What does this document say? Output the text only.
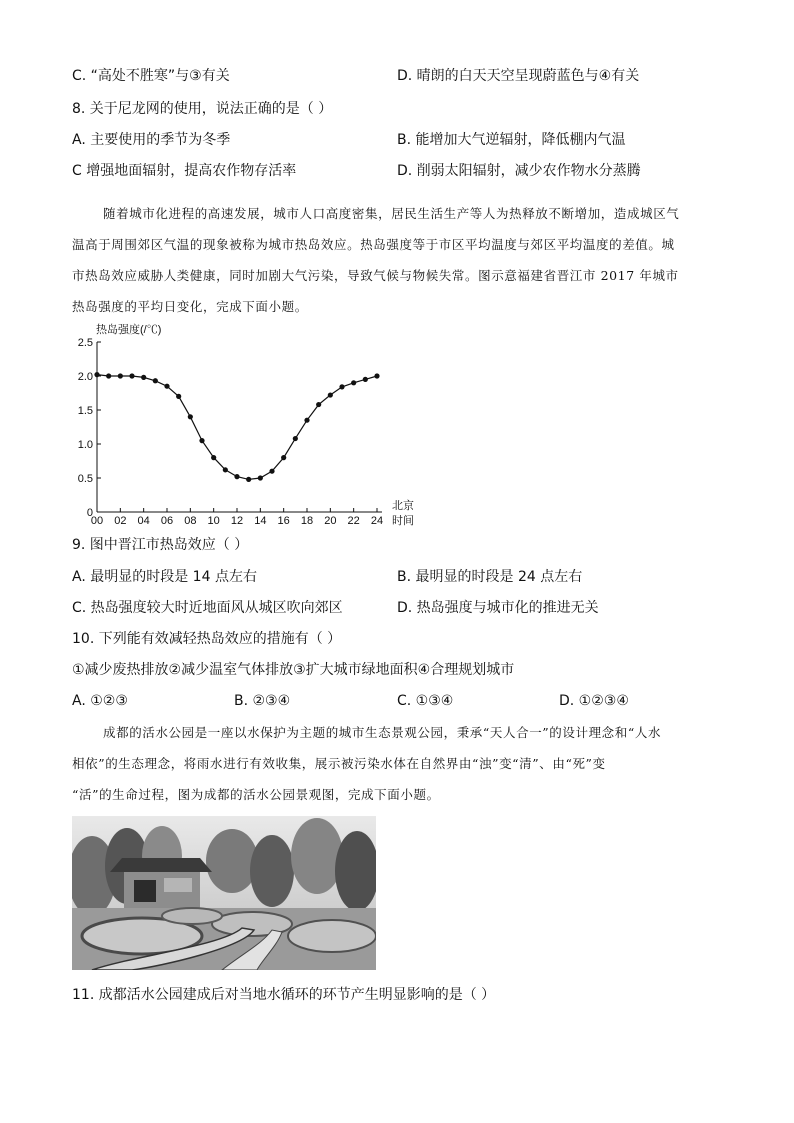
C. “高处不胜寒”与③有关	D. 晴朗的白天天空呈现蔚蓝色与④有关
8. 关于尼龙网的使用，说法正确的是（ ）
A. 主要使用的季节为冬季	B. 能增加大气逆辐射，降低棚内气温
C 增强地面辐射，提高农作物存活率	D. 削弱太阳辐射，减少农作物水分蒸腾
随着城市化进程的高速发展，城市人口高度密集，居民生活生产等人为热释放不断增加，造成城区气
温高于周围郊区气温的现象被称为城市热岛效应。热岛强度等于市区平均温度与郊区平均温度的差值。城
市热岛效应威胁人类健康，同时加剧大气污染，导致气候与物候失常。图示意福建省晋江市 2017 年城市
热岛强度的平均日变化，完成下面小题。
热岛强度(/℃)
0
0.5
1.0
1.5
2.0
2.5
00 02 04 06 08 10 12 14 16 18 20 22 24
北京
时间
9. 图中晋江市热岛效应（ ）
A. 最明显的时段是 14 点左右	B. 最明显的时段是 24 点左右
C. 热岛强度较大时近地面风从城区吹向郊区	D. 热岛强度与城市化的推进无关
10. 下列能有效减轻热岛效应的措施有（ ）
①减少废热排放②减少温室气体排放③扩大城市绿地面积④合理规划城市
A. ①②③	B. ②③④	C. ①③④	D. ①②③④
成都的活水公园是一座以水保护为主题的城市生态景观公园，秉承“天人合一”的设计理念和“人水
相依”的生态理念，将雨水进行有效收集，展示被污染水体在自然界由“浊”变“清”、由“死”变
“活”的生命过程，图为成都的活水公园景观图，完成下面小题。
11. 成都活水公园建成后对当地水循环的环节产生明显影响的是（ ）
